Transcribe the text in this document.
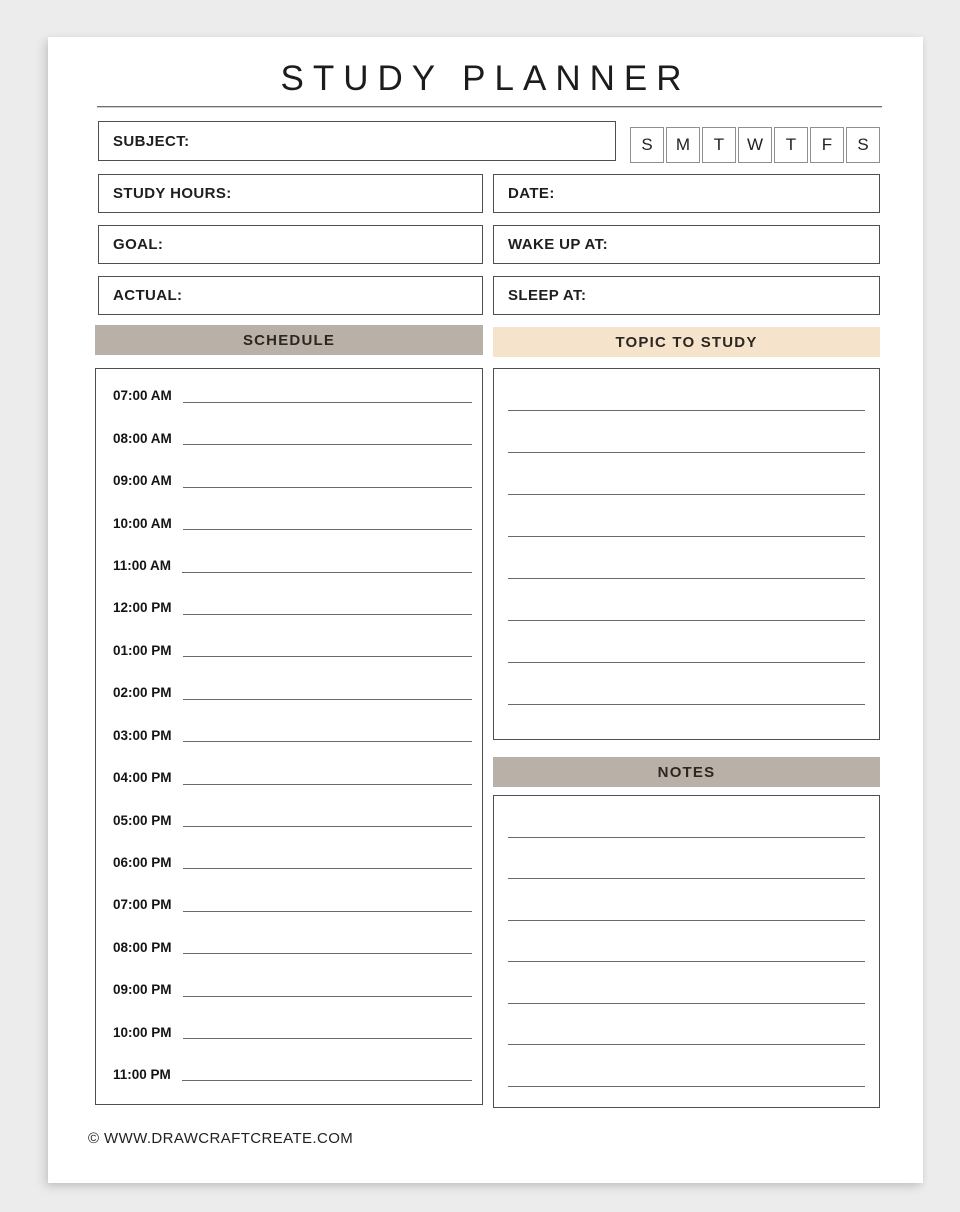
STUDY PLANNER
SUBJECT:	S	M	T	W	T	F	S
STUDY HOURS:
GOAL:
ACTUAL:
DATE:
WAKE UP AT:
SLEEP AT:
SCHEDULE	TOPIC TO STUDY
07:00 AM
08:00 AM
09:00 AM
10:00 AM
11:00 AM
12:00 PM
01:00 PM
02:00 PM
03:00 PM
04:00 PM
05:00 PM
06:00 PM
07:00 PM
08:00 PM
09:00 PM
10:00 PM
11:00 PM
NOTES
© WWW.DRAWCRAFTCREATE.COM
